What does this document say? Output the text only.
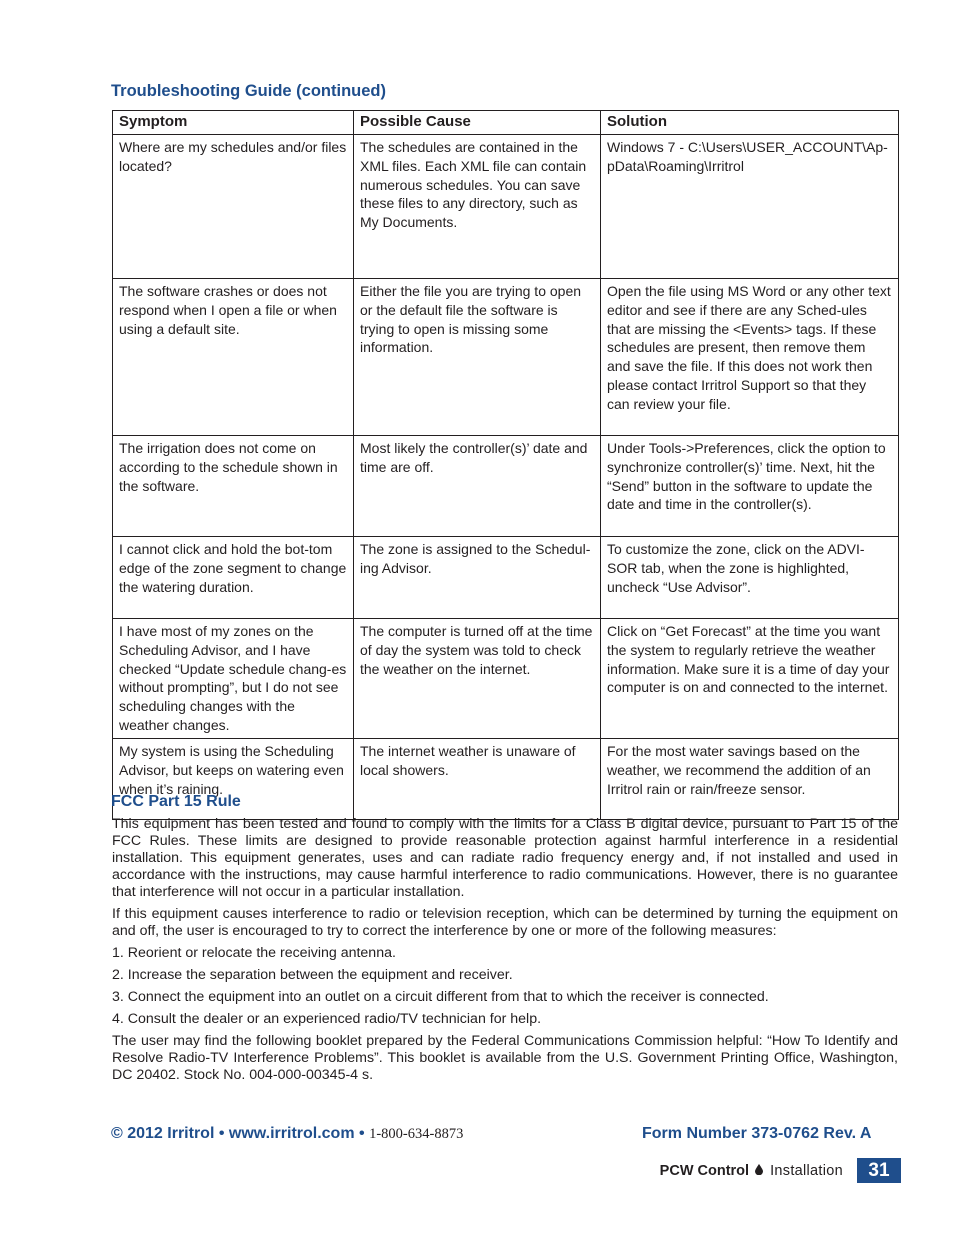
Troubleshooting Guide (continued)
Symptom	Possible Cause	Solution
Where are my schedules and/or files located?	The schedules are contained in the XML files. Each XML file can contain numerous schedules. You can save these files to any directory, such as My Documents.	Windows 7 - C:\Users\USER_ACCOUNT\Ap-pData\Roaming\Irritrol
The software crashes or does not respond when I open a file or when using a default site.	Either the file you are trying to open or the default file the software is trying to open is missing some information.	Open the file using MS Word or any other text editor and see if there are any Sched-ules that are missing the <Events> tags. If these schedules are present, then remove them and save the file. If this does not work then please contact Irritrol Support so that they can review your file.
The irrigation does not come on according to the schedule shown in the software.	Most likely the controller(s)’ date and time are off.	Under Tools->Preferences, click the option to synchronize controller(s)’ time. Next, hit the “Send” button in the software to update the date and time in the controller(s).
I cannot click and hold the bot-tom edge of the zone segment to change the watering duration.	The zone is assigned to the Schedul-ing Advisor.	To customize the zone, click on the ADVI-SOR tab, when the zone is highlighted, uncheck “Use Advisor”.
I have most of my zones on the Scheduling Advisor, and I have checked “Update schedule chang-es without prompting”, but I do not see scheduling changes with the weather changes.	The computer is turned off at the time of day the system was told to check the weather on the internet.	Click on “Get Forecast” at the time you want the system to regularly retrieve the weather information. Make sure it is a time of day your computer is on and connected to the internet.
My system is using the Scheduling Advisor, but keeps on watering even when it’s raining.	The internet weather is unaware of local showers.	For the most water savings based on the weather, we recommend the addition of an Irritrol rain or rain/freeze sensor.
FCC Part 15 Rule

This equipment has been tested and found to comply with the limits for a Class B digital device, pursuant to Part 15 of the FCC Rules. These limits are designed to provide reasonable protection against harmful interference in a residential installation. This equipment generates, uses and can radiate radio frequency energy and, if not installed and used in accordance with the instructions, may cause harmful interference to radio communications. However, there is no guarantee that interference will not occur in a particular installation.

If this equipment causes interference to radio or television reception, which can be determined by turning the equipment on and off, the user is encouraged to try to correct the interference by one or more of the following measures:

1. Reorient or relocate the receiving antenna.

2. Increase the separation between the equipment and receiver.

3. Connect the equipment into an outlet on a circuit different from that to which the receiver is connected.

4. Consult the dealer or an experienced radio/TV technician for help.

The user may find the following booklet prepared by the Federal Communications Commission helpful: “How To Identify and Resolve Radio-TV Interference Problems”. This booklet is available from the U.S. Government Printing Office, Washington, DC 20402. Stock No. 004-000-00345-4 s.

© 2012 Irritrol • www.irritrol.com • 1-800-634-8873	Form Number 373-0762 Rev. A
PCW Control Installation	31
